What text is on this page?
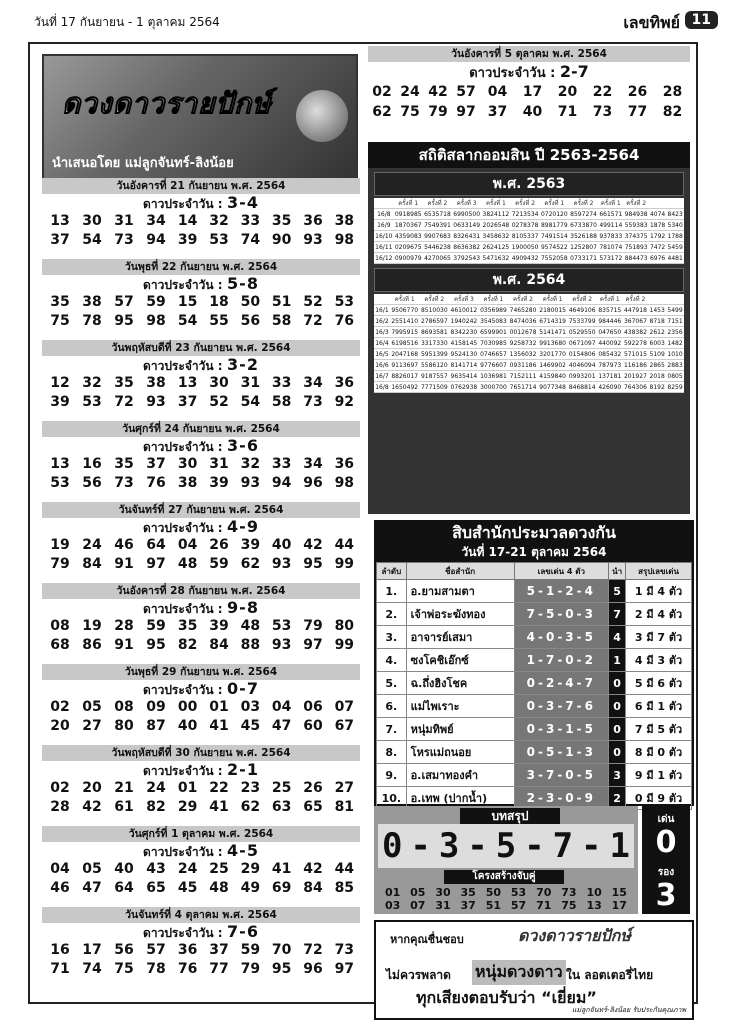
วันที่ 17 กันยายน - 1 ตุลาคม 2564	เลขทิพย์ 11
ดวงดาวรายปักษ์
นำเสนอโดย แม่ลูกจันทร์-ลิงน้อย
วันอังคารที่ 21 กันยายน พ.ศ. 2564
ดาวประจำวัน : 3-4
13 30 31 34 14 32 33 35 36 38
37 54 73 94 39 53 74 90 93 98
วันพุธที่ 22 กันยายน พ.ศ. 2564
ดาวประจำวัน : 5-8
35 38 57 59 15 18 50 51 52 53
75 78 95 98 54 55 56 58 72 76
วันพฤหัสบดีที่ 23 กันยายน พ.ศ. 2564
ดาวประจำวัน : 3-2
12 32 35 38 13 30 31 33 34 36
39 53 72 93 37 52 54 58 73 92
วันศุกร์ที่ 24 กันยายน พ.ศ. 2564
ดาวประจำวัน : 3-6
13 16 35 37 30 31 32 33 34 36
53 56 73 76 38 39 93 94 96 98
วันจันทร์ที่ 27 กันยายน พ.ศ. 2564
ดาวประจำวัน : 4-9
19 24 46 64 04 26 39 40 42 44
79 84 91 97 48 59 62 93 95 99
วันอังคารที่ 28 กันยายน พ.ศ. 2564
ดาวประจำวัน : 9-8
08 19 28 59 35 39 48 53 79 80
68 86 91 95 82 84 88 93 97 99
วันพุธที่ 29 กันยายน พ.ศ. 2564
ดาวประจำวัน : 0-7
02 05 08 09 00 01 03 04 06 07
20 27 80 87 40 41 45 47 60 67
วันพฤหัสบดีที่ 30 กันยายน พ.ศ. 2564
ดาวประจำวัน : 2-1
02 20 21 24 01 22 23 25 26 27
28 42 61 82 29 41 62 63 65 81
วันศุกร์ที่ 1 ตุลาคม พ.ศ. 2564
ดาวประจำวัน : 4-5
04 05 40 43 24 25 29 41 42 44
46 47 64 65 45 48 49 69 84 85
วันจันทร์ที่ 4 ตุลาคม พ.ศ. 2564
ดาวประจำวัน : 7-6
16 17 56 57 36 37 59 70 72 73
71 74 75 78 76 77 79 95 96 97
วันอังคารที่ 5 ตุลาคม พ.ศ. 2564
ดาวประจำวัน : 2-7
02 24 42 57 04 17 20 22 26 28
62 75 79 97 37 40 71 73 77 82
สถิติสลากออมสิน ปี 2563-2564
พ.ศ. 2563
	ครั้งที่ 1	ครั้งที่ 2	ครั้งที่ 3	ครั้งที่ 1	ครั้งที่ 2	ครั้งที่ 1	ครั้งที่ 2	ครั้งที่ 1	ครั้งที่ 2		
16/8	0918985	6535718	6990500	3824112	7213534	0720120	8597274	661571	984938	4074	8423
16/9	1870367	7549391	0633149	2026548	0278378	8981779	6733870	499114	559383	1878	5340
16/10	4359083	9907683	8326431	3458632	8105337	7491514	3526188	937833	374375	1792	1788
16/11	0209675	5446238	8636382	2624125	1900050	9574522	1252807	781074	751893	7472	5459
16/12	0900979	4270065	3792543	5471632	4909432	7552058	0733171	573172	884473	6976	4481
พ.ศ. 2564
	ครั้งที่ 1	ครั้งที่ 2	ครั้งที่ 3	ครั้งที่ 1	ครั้งที่ 2	ครั้งที่ 1	ครั้งที่ 2	ครั้งที่ 1	ครั้งที่ 2		
16/1	9506770	8510030	4610012	0356989	7465280	2180015	4649106	835715	447918	1453	5499
16/2	2551410	2786597	1940242	3545083	8474036	6714319	7533799	984446	367067	8718	7151
16/3	7995915	8693581	8342230	6599901	0012678	5141471	0529550	047650	438382	2612	2356
16/4	6198516	3317330	4158145	7030985	9258732	9913680	0671097	440092	592278	6003	1482
16/5	2047168	5951399	9524130	0746657	1356032	3201770	0154806	085432	571015	5109	1010
16/6	9113697	5586120	8141714	9776607	0931186	1469902	4046094	787973	116186	2865	2883
16/7	8826017	9187557	9635414	1036981	7152111	4159840	0993201	137181	201927	2018	0805
16/8	1650492	7771509	0762938	3000700	7651714	9077348	8468814	426090	764306	8192	8259
สิบสำนักประมวลดวงกัน
วันที่ 17-21 ตุลาคม 2564
ลำดับ	ชื่อสำนัก	เลขเด่น 4 ตัว	นำ	สรุปเลขเด่น
1.	อ.ยามสามตา	5-1-2-4	5	1 มี 4 ตัว
2.	เจ้าพ่อระฆังทอง	7-5-0-3	7	2 มี 4 ตัว
3.	อาจารย์เสมา	4-0-3-5	4	3 มี 7 ตัว
4.	ซงโคชิเอ๊กซ์	1-7-0-2	1	4 มี 3 ตัว
5.	ฉ.ถึ่งฮิงโชค	0-2-4-7	0	5 มี 6 ตัว
6.	แม่ไพเราะ	0-3-7-6	0	6 มี 1 ตัว
7.	หนุ่มทิพย์	0-3-1-5	0	7 มี 5 ตัว
8.	โหรแม่ถนอย	0-5-1-3	0	8 มี 0 ตัว
9.	อ.เสมาทองคำ	3-7-0-5	3	9 มี 1 ตัว
10.	อ.เทพ (ปากน้ำ)	2-3-0-9	2	0 มี 9 ตัว
บทสรุป
0 - 3 - 5 - 7 - 1
โครงสร้างจับคู่
01 05 30 35 50 53 70 73 10 15
03 07 31 37 51 57 71 75 13 17
เด่น
0
รอง
3
หากคุณชื่นชอบ	ดวงดาวรายปักษ์
ไม่ควรพลาด หนุ่มดวงดาว ใน ลอตเตอรี่ไทย
ทุกเสียงตอบรับว่า “เยี่ยม”
แม่ลูกจันทร์-ลิงน้อย รับประกันคุณภาพ
